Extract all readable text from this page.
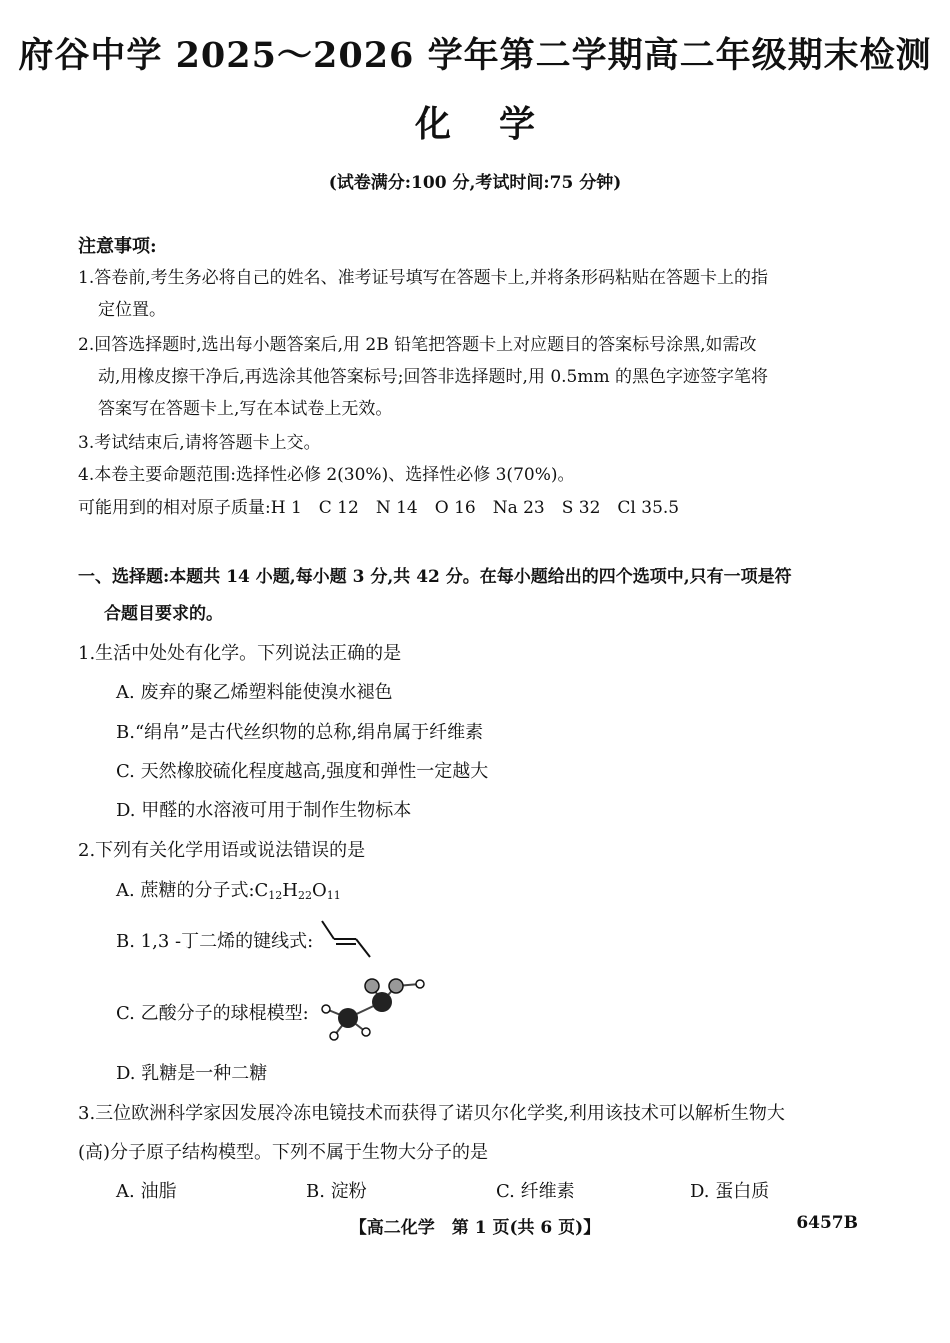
府谷中学 2025～2026 学年第二学期高二年级期末检测
化学
(试卷满分:100 分,考试时间:75 分钟)
注意事项:
1.答卷前,考生务必将自己的姓名、准考证号填写在答题卡上,并将条形码粘贴在答题卡上的指
定位置。
2.回答选择题时,选出每小题答案后,用 2B 铅笔把答题卡上对应题目的答案标号涂黑,如需改
动,用橡皮擦干净后,再选涂其他答案标号;回答非选择题时,用 0.5mm 的黑色字迹签字笔将
答案写在答题卡上,写在本试卷上无效。
3.考试结束后,请将答题卡上交。
4.本卷主要命题范围:选择性必修 2(30%)、选择性必修 3(70%)。
可能用到的相对原子质量:H 1　C 12　N 14　O 16　Na 23　S 32　Cl 35.5
一、选择题:本题共 14 小题,每小题 3 分,共 42 分。在每小题给出的四个选项中,只有一项是符
合题目要求的。
1.生活中处处有化学。下列说法正确的是
A. 废弃的聚乙烯塑料能使溴水褪色
B.“绢帛”是古代丝织物的总称,绢帛属于纤维素
C. 天然橡胶硫化程度越高,强度和弹性一定越大
D. 甲醛的水溶液可用于制作生物标本
2.下列有关化学用语或说法错误的是
A. 蔗糖的分子式$:C_{12}H_{22}O_{11}$
B. 1,3 -丁二烯的键线式:
C. 乙酸分子的球棍模型:
D. 乳糖是一种二糖
3.三位欧洲科学家因发展冷冻电镜技术而获得了诺贝尔化学奖,利用该技术可以解析生物大
(高)分子原子结构模型。下列不属于生物大分子的是
A. 油脂	B. 淀粉	C. 纤维素	D. 蛋白质
【高二化学　第 1 页(共 6 页)】	6457B
